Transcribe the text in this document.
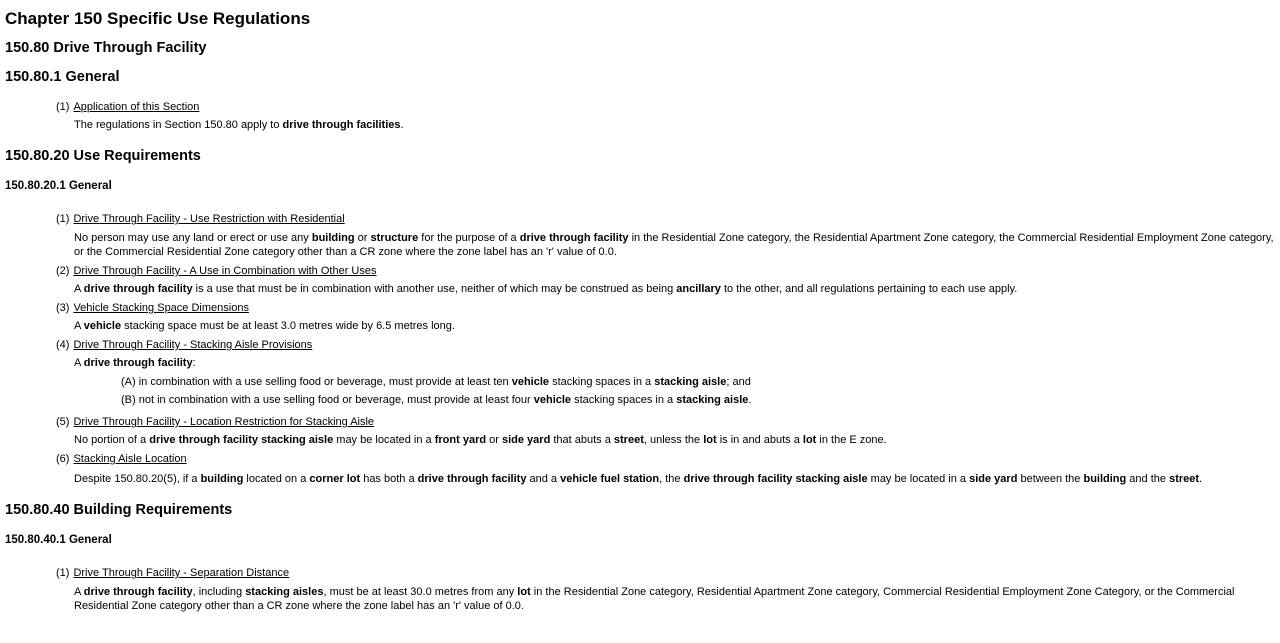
Chapter 150 Specific Use Regulations
150.80 Drive Through Facility
150.80.1 General
(1) Application of this Section
The regulations in Section 150.80 apply to drive through facilities.
150.80.20 Use Requirements
150.80.20.1 General
(1) Drive Through Facility - Use Restriction with Residential
No person may use any land or erect or use any building or structure for the purpose of a drive through facility in the Residential Zone category, the Residential Apartment Zone category, the Commercial Residential Employment Zone category,
or the Commercial Residential Zone category other than a CR zone where the zone label has an 'r' value of 0.0.
(2) Drive Through Facility - A Use in Combination with Other Uses
A drive through facility is a use that must be in combination with another use, neither of which may be construed as being ancillary to the other, and all regulations pertaining to each use apply.
(3) Vehicle Stacking Space Dimensions
A vehicle stacking space must be at least 3.0 metres wide by 6.5 metres long.
(4) Drive Through Facility - Stacking Aisle Provisions
A drive through facility:
(A) in combination with a use selling food or beverage, must provide at least ten vehicle stacking spaces in a stacking aisle; and
(B) not in combination with a use selling food or beverage, must provide at least four vehicle stacking spaces in a stacking aisle.
(5) Drive Through Facility - Location Restriction for Stacking Aisle
No portion of a drive through facility stacking aisle may be located in a front yard or side yard that abuts a street, unless the lot is in and abuts a lot in the E zone.
(6) Stacking Aisle Location
Despite 150.80.20(5), if a building located on a corner lot has both a drive through facility and a vehicle fuel station, the drive through facility stacking aisle may be located in a side yard between the building and the street.
150.80.40 Building Requirements
150.80.40.1 General
(1) Drive Through Facility - Separation Distance
A drive through facility, including stacking aisles, must be at least 30.0 metres from any lot in the Residential Zone category, Residential Apartment Zone category, Commercial Residential Employment Zone Category, or the Commercial
Residential Zone category other than a CR zone where the zone label has an 'r' value of 0.0.
